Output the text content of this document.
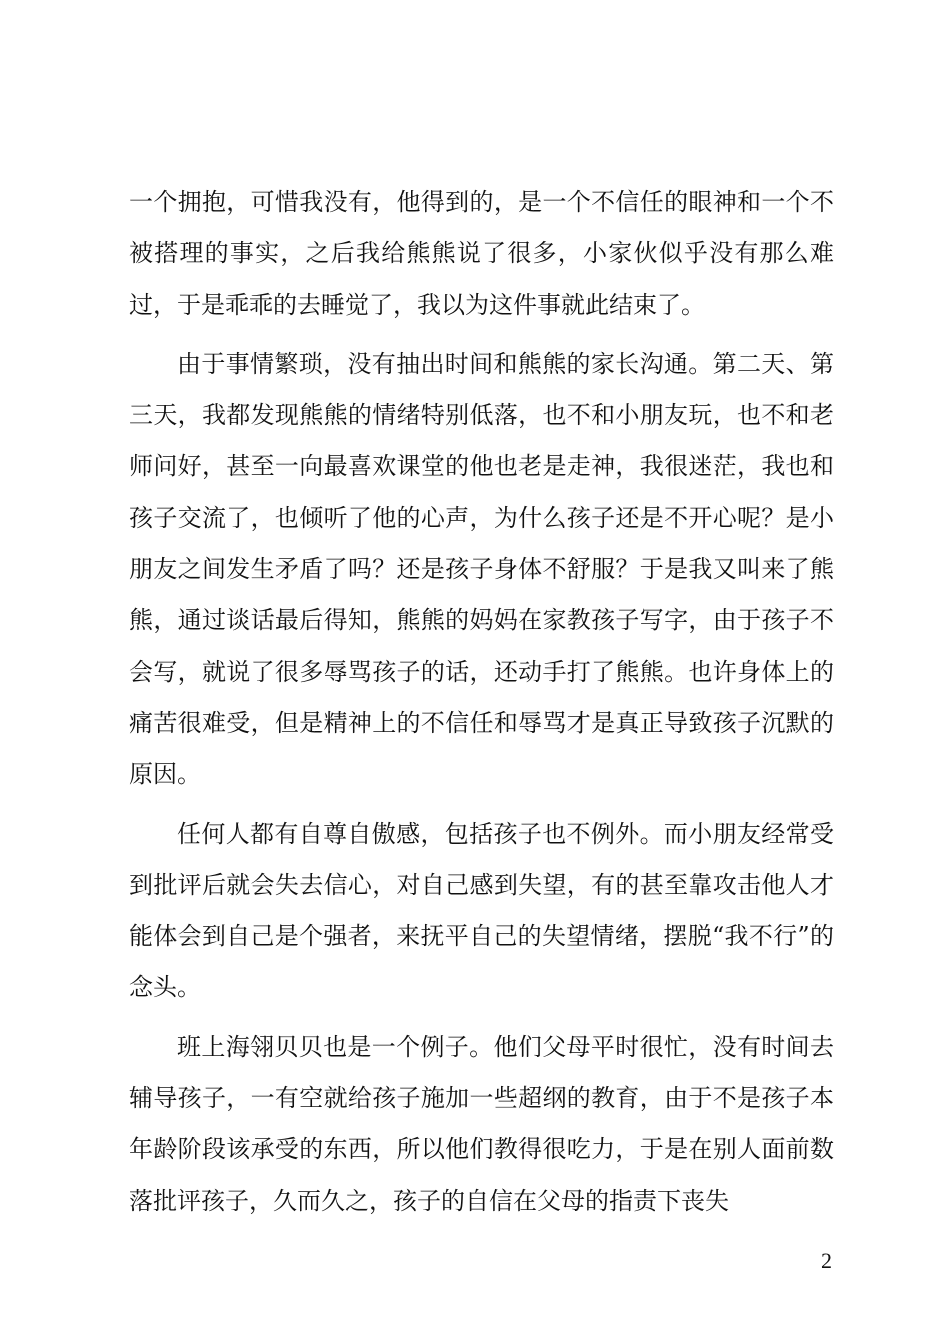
一个拥抱，可惜我没有，他得到的，是一个不信任的眼神和一个不被搭理的事实，之后我给熊熊说了很多，小家伙似乎没有那么难过，于是乖乖的去睡觉了，我以为这件事就此结束了。

由于事情繁琐，没有抽出时间和熊熊的家长沟通。第二天、第三天，我都发现熊熊的情绪特别低落，也不和小朋友玩，也不和老师问好，甚至一向最喜欢课堂的他也老是走神，我很迷茫，我也和孩子交流了，也倾听了他的心声，为什么孩子还是不开心呢？是小朋友之间发生矛盾了吗？还是孩子身体不舒服？于是我又叫来了熊熊，通过谈话最后得知，熊熊的妈妈在家教孩子写字，由于孩子不会写，就说了很多辱骂孩子的话，还动手打了熊熊。也许身体上的痛苦很难受，但是精神上的不信任和辱骂才是真正导致孩子沉默的原因。

任何人都有自尊自傲感，包括孩子也不例外。而小朋友经常受到批评后就会失去信心，对自己感到失望，有的甚至靠攻击他人才能体会到自己是个强者，来抚平自己的失望情绪，摆脱“我不行”的念头。

班上海翎贝贝也是一个例子。他们父母平时很忙，没有时间去辅导孩子，一有空就给孩子施加一些超纲的教育，由于不是孩子本年龄阶段该承受的东西，所以他们教得很吃力，于是在别人面前数落批评孩子，久而久之，孩子的自信在父母的指责下丧失

2
